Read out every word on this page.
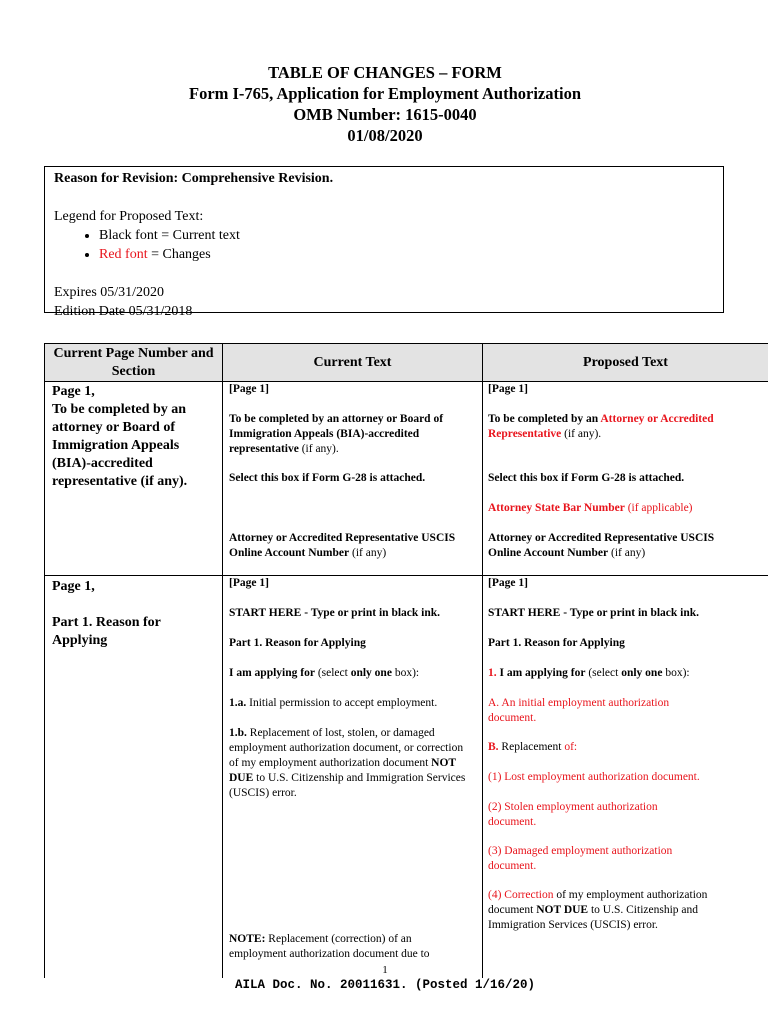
TABLE OF CHANGES – FORM
Form I-765, Application for Employment Authorization
OMB Number: 1615-0040
01/08/2020

Reason for Revision: Comprehensive Revision.

Legend for Proposed Text:

• Black font = Current text
• Red font = Changes

Expires 05/31/2020

Edition Date 05/31/2018

Current Page Number and Section
Current Text	Proposed Text
Page 1,
To be completed by an attorney or Board of Immigration Appeals (BIA)-accredited representative (if any).
[Page 1]
To be completed by an attorney or Board of Immigration Appeals (BIA)-accredited representative (if any).
Select this box if Form G-28 is attached.
Attorney or Accredited Representative USCIS Online Account Number (if any)
[Page 1]
To be completed by an Attorney or Accredited Representative (if any).
Select this box if Form G-28 is attached.
Attorney State Bar Number (if applicable)
Attorney or Accredited Representative USCIS Online Account Number (if any)
Page 1,
Part 1. Reason for Applying
[Page 1]
START HERE - Type or print in black ink.
Part 1. Reason for Applying
I am applying for (select only one box):
1.a. Initial permission to accept employment.
1.b. Replacement of lost, stolen, or damaged employment authorization document, or correction of my employment authorization document NOT DUE to U.S. Citizenship and Immigration Services (USCIS) error.
NOTE: Replacement (correction) of an employment authorization document due to
[Page 1]
START HERE - Type or print in black ink.
Part 1. Reason for Applying
1. I am applying for (select only one box):
A. An initial employment authorization document.
B. Replacement of:
(1) Lost employment authorization document.
(2) Stolen employment authorization document.
(3) Damaged employment authorization document.
(4) Correction of my employment authorization document NOT DUE to U.S. Citizenship and Immigration Services (USCIS) error.
1
AILA Doc. No. 20011631. (Posted 1/16/20)
